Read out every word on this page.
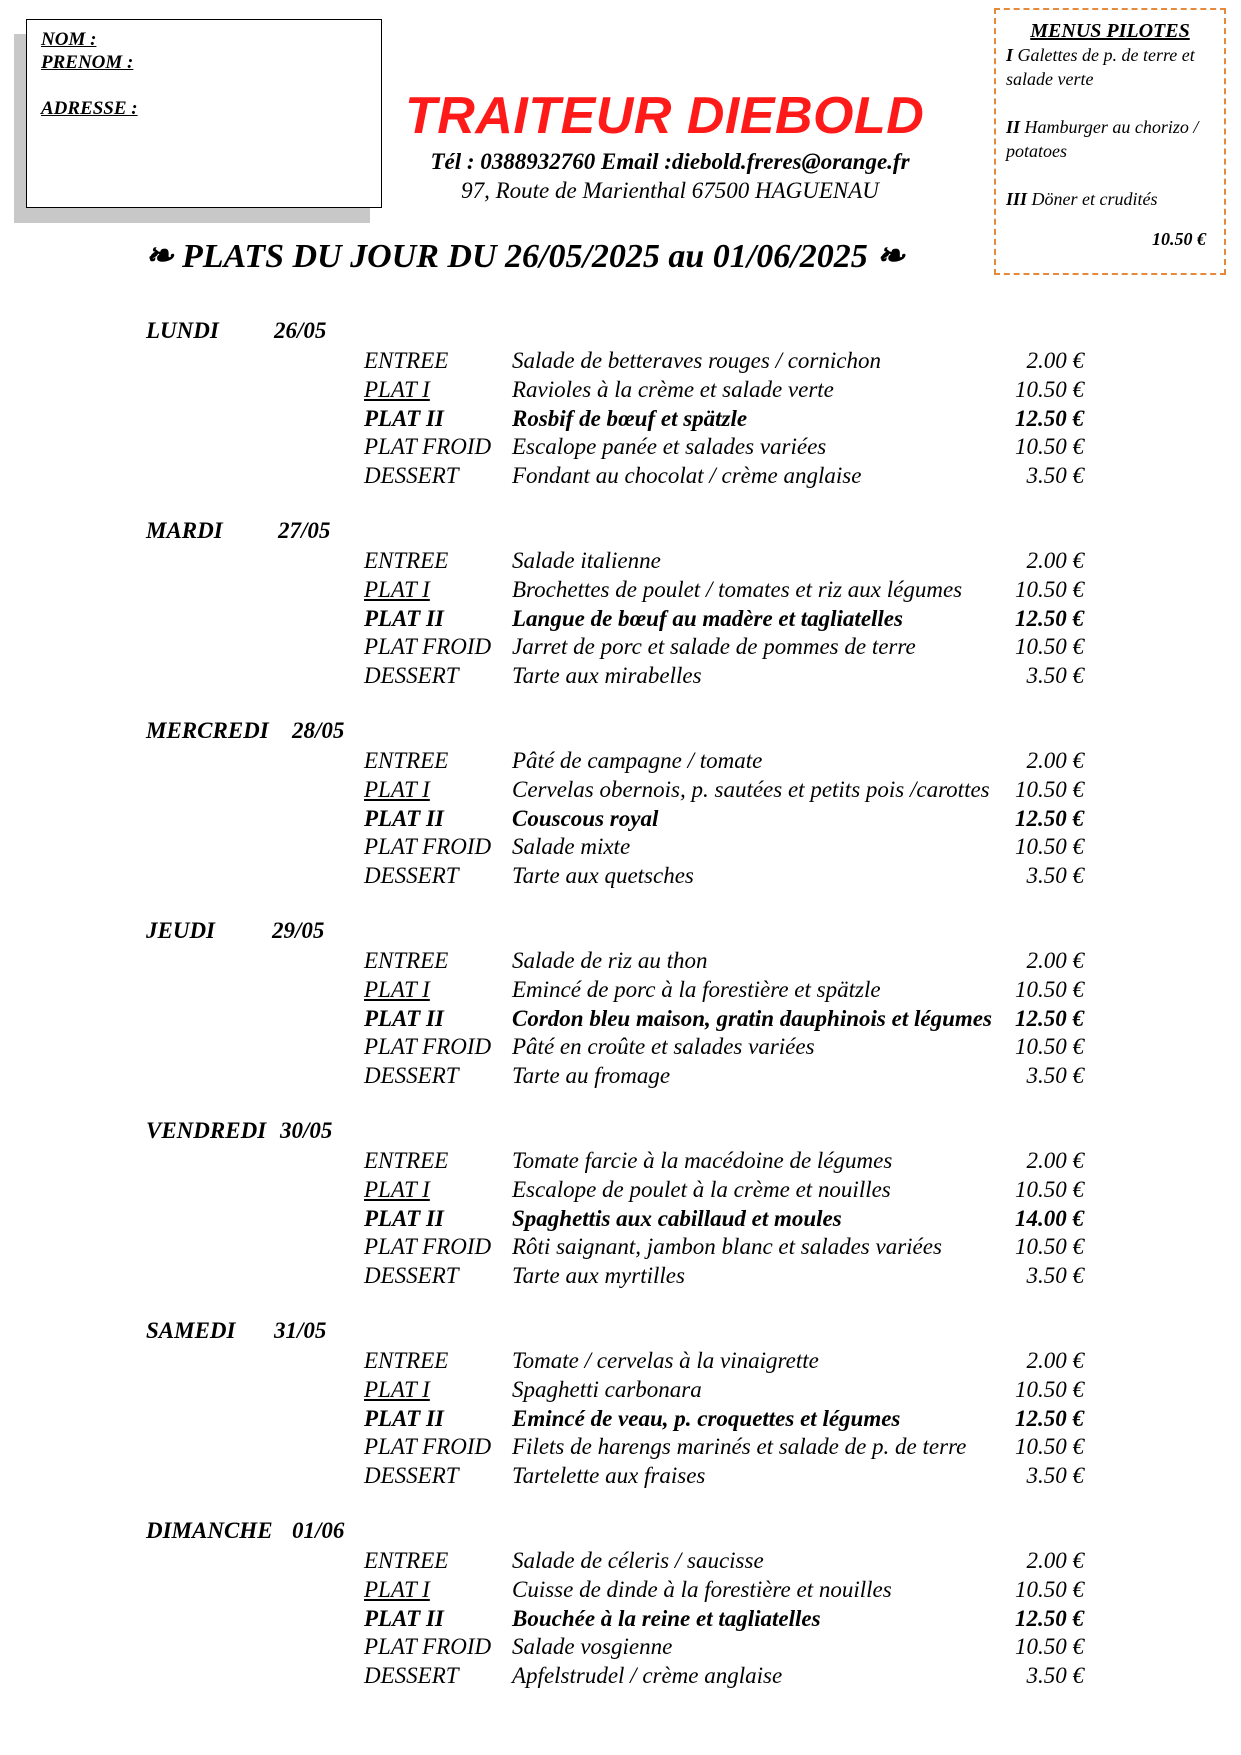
NOM :
PRENOM :
ADRESSE :	TRAITEUR DIEBOLD
Tél : 0388932760 Email :diebold.freres@orange.fr
97, Route de Marienthal 67500 HAGUENAU
MENUS PILOTES
I Galettes de p. de terre et salade verte
II Hamburger au chorizo / potatoes
III Döner et crudités
10.50 €
❧ PLATS DU JOUR DU 26/05/2025 au 01/06/2025 ❧
LUNDI 26/05
ENTREE	Salade de betteraves rouges / cornichon	2.00 €
PLAT I	Ravioles à la crème et salade verte	10.50 €
PLAT II	Rosbif de bœuf et spätzle	12.50 €
PLAT FROID Escalope panée et salades variées	10.50 €
DESSERT Fondant au chocolat / crème anglaise	3.50 €
MARDI 27/05
ENTREE	Salade italienne	2.00 €
PLAT I	Brochettes de poulet / tomates et riz aux légumes 10.50 €
PLAT II	Langue de bœuf au madère et tagliatelles	12.50 €
PLAT FROID Jarret de porc et salade de pommes de terre	10.50 €
DESSERT Tarte aux mirabelles	3.50 €
MERCREDI 28/05
ENTREE	Pâté de campagne / tomate	2.00 €
PLAT I	Cervelas obernois, p. sautées et petits pois /carottes 10.50 €
PLAT II	Couscous royal	12.50 €
PLAT FROID Salade mixte	10.50 €
DESSERT Tarte aux quetsches	3.50 €
JEUDI 29/05
ENTREE	Salade de riz au thon	2.00 €
PLAT I	Emincé de porc à la forestière et spätzle	10.50 €
PLAT II	Cordon bleu maison, gratin dauphinois et légumes 12.50 €
PLAT FROID Pâté en croûte et salades variées	10.50 €
DESSERT Tarte au fromage	3.50 €
VENDREDI 30/05
ENTREE	Tomate farcie à la macédoine de légumes	2.00 €
PLAT I	Escalope de poulet à la crème et nouilles	10.50 €
PLAT II	Spaghettis aux cabillaud et moules	14.00 €
PLAT FROID Rôti saignant, jambon blanc et salades variées	10.50 €
DESSERT Tarte aux myrtilles	3.50 €
SAMEDI 31/05
ENTREE	Tomate / cervelas à la vinaigrette	2.00 €
PLAT I	Spaghetti carbonara	10.50 €
PLAT II	Emincé de veau, p. croquettes et légumes	12.50 €
PLAT FROID Filets de harengs marinés et salade de p. de terre 10.50 €
DESSERT Tartelette aux fraises	3.50 €
DIMANCHE 01/06
ENTREE	Salade de céleris / saucisse	2.00 €
PLAT I	Cuisse de dinde à la forestière et nouilles	10.50 €
PLAT II	Bouchée à la reine et tagliatelles	12.50 €
PLAT FROID Salade vosgienne	10.50 €
DESSERT Apfelstrudel / crème anglaise	3.50 €
